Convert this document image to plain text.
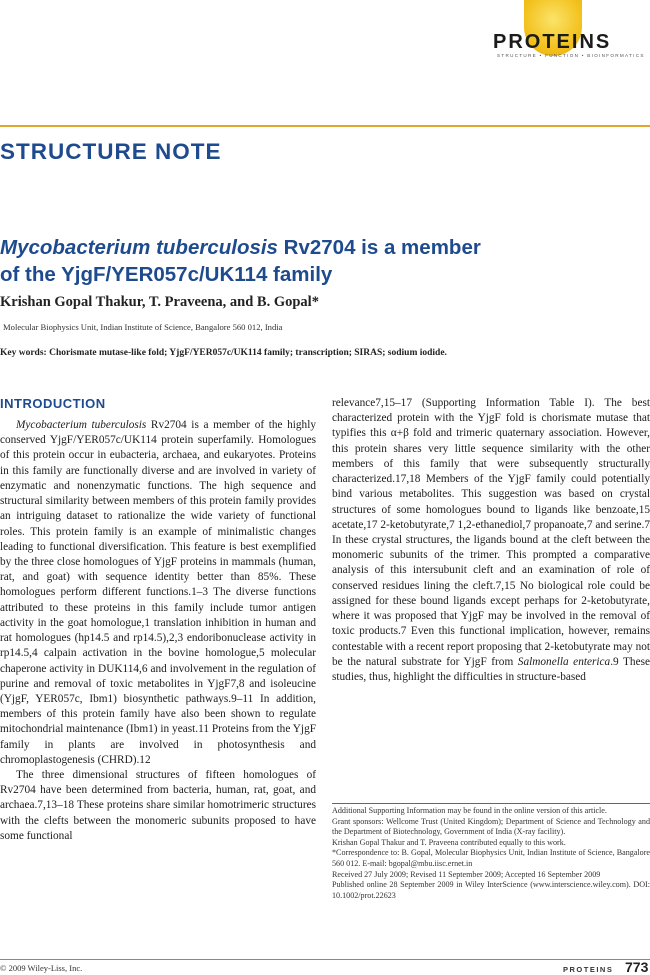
PROTEINS
STRUCTURE • FUNCTION • BIOINFORMATICS
STRUCTURE NOTE
Mycobacterium tuberculosis Rv2704 is a member
of the YjgF/YER057c/UK114 family
Krishan Gopal Thakur, T. Praveena, and B. Gopal*
Molecular Biophysics Unit, Indian Institute of Science, Bangalore 560 012, India
Key words: Chorismate mutase-like fold; YjgF/YER057c/UK114 family; transcription; SIRAS; sodium iodide.
INTRODUCTION

Mycobacterium tuberculosis Rv2704 is a member of the highly conserved YjgF/YER057c/UK114 protein superfamily. Homologues of this protein occur in eubacteria, archaea, and eukaryotes. Proteins in this family are functionally diverse and are involved in variety of enzymatic and nonenzymatic functions. The high sequence and structural similarity between members of this protein family provides an intriguing dataset to rationalize the wide variety of functional roles. This protein family is an example of minimalistic changes leading to functional diversification. This feature is best exemplified by the three close homologues of YjgF proteins in mammals (human, rat, and goat) with sequence identity better than 85%. These homologues perform different functions.1–3 The diverse functions attributed to these proteins in this family include tumor antigen activity in the goat homologue,1 translation inhibition in human and rat homologues (hp14.5 and rp14.5),2,3 endoribonuclease activity in rp14.5,4 calpain activation in the bovine homologue,5 molecular chaperone activity in DUK114,6 and involvement in the regulation of purine and removal of toxic metabolites in YjgF7,8 and isoleucine (YjgF, YER057c, Ibm1) biosynthetic pathways.9–11 In addition, members of this protein family have also been shown to regulate mitochondrial maintenance (Ibm1) in yeast.11 Proteins from the YjgF family in plants are involved in photosynthesis and chromoplastogenesis (CHRD).12

The three dimensional structures of fifteen homologues of Rv2704 have been determined from bacteria, human, rat, goat, and archaea.7,13–18 These proteins share similar homotrimeric structures with the clefts between the monomeric subunits proposed to have some functional

relevance7,15–17 (Supporting Information Table I). The best characterized protein with the YjgF fold is chorismate mutase that typifies this α+β fold and trimeric quaternary association. However, this protein shares very little sequence similarity with the other members of this family that were subsequently structurally characterized.17,18 Members of the YjgF family could potentially bind various metabolites. This suggestion was based on crystal structures of some homologues bound to ligands like benzoate,15 acetate,17 2-ketobutyrate,7 1,2-ethanediol,7 propanoate,7 and serine.7 In these crystal structures, the ligands bound at the cleft between the monomeric subunits of the trimer. This prompted a comparative analysis of this intersubunit cleft and an examination of role of conserved residues lining the cleft.7,15 No biological role could be assigned for these bound ligands except perhaps for 2-ketobutyrate, where it was proposed that YjgF may be involved in the removal of toxic products.7 Even this functional implication, however, remains contestable with a recent report proposing that 2-ketobutyrate may not be the natural substrate for YjgF from Salmonella enterica.9 These studies, thus, highlight the difficulties in structure-based

Additional Supporting Information may be found in the online version of this article.
Grant sponsors: Wellcome Trust (United Kingdom); Department of Science and Technology and the Department of Biotechnology, Government of India (X-ray facility).
Krishan Gopal Thakur and T. Praveena contributed equally to this work.
*Correspondence to: B. Gopal, Molecular Biophysics Unit, Indian Institute of Science, Bangalore 560 012. E-mail: bgopal@mbu.iisc.ernet.in
Received 27 July 2009; Revised 11 September 2009; Accepted 16 September 2009
Published online 28 September 2009 in Wiley InterScience (www.interscience.wiley.com). DOI: 10.1002/prot.22623
© 2009 Wiley-Liss, Inc.	PROTEINS 773
